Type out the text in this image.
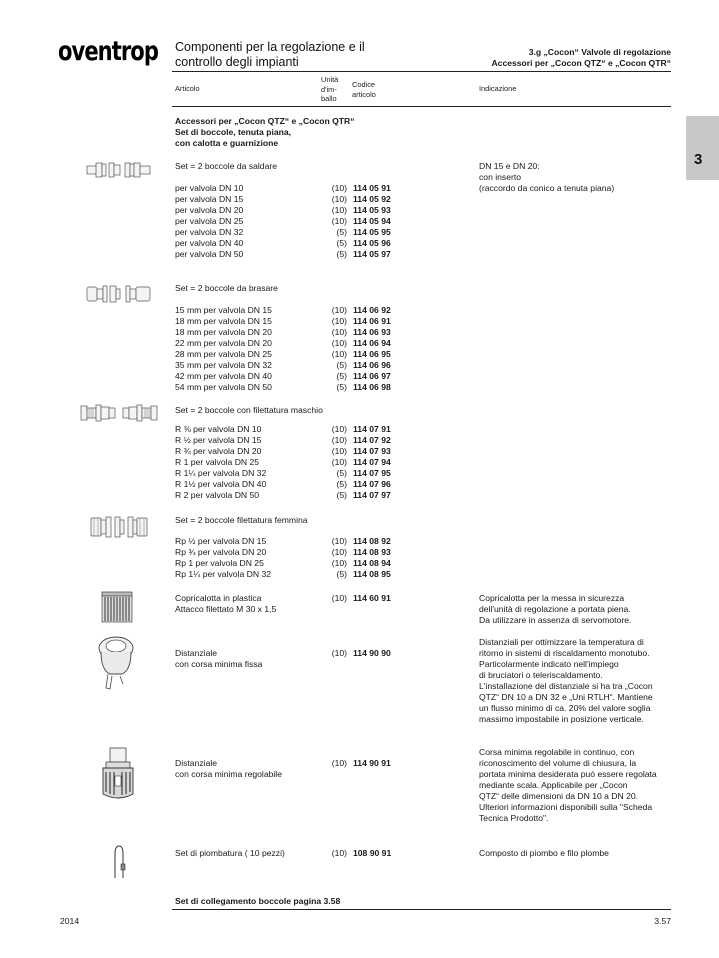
oventrop Componenti per la regolazione e il
controllo degli impianti
3.g „Cocon“ Valvole di regolazione
Accessori per „Cocon QTZ“ e „Cocon QTR“
Articolo
Unità
d'im-
ballo
Codice
articolo
Indicazione
3
Accessori per „Cocon QTZ“ e „Cocon QTR“
Set di boccole, tenuta piana,
con calotta e guarnizione
Set = 2 boccole da saldare
per valvola DN 10	(10) 114 05 91
per valvola DN 15	(10) 114 05 92
per valvola DN 20	(10) 114 05 93
per valvola DN 25	(10) 114 05 94
per valvola DN 32	(5) 114 05 95
per valvola DN 40	(5) 114 05 96
per valvola DN 50	(5) 114 05 97
DN 15 e DN 20:
con inserto
(raccordo da conico a tenuta piana)
Set = 2 boccole da brasare
15 mm per valvola DN 15	(10) 114 06 92
18 mm per valvola DN 15	(10) 114 06 91
18 mm per valvola DN 20	(10) 114 06 93
22 mm per valvola DN 20	(10) 114 06 94
28 mm per valvola DN 25	(10) 114 06 95
35 mm per valvola DN 32	(5) 114 06 96
42 mm per valvola DN 40	(5) 114 06 97
54 mm per valvola DN 50	(5) 114 06 98
Set = 2 boccole con filettatura maschio
R ⅜ per valvola DN 10	(10) 114 07 91
R ½ per valvola DN 15	(10) 114 07 92
R ¾ per valvola DN 20	(10) 114 07 93
R 1 per valvola DN 25	(10) 114 07 94
R 1¼ per valvola DN 32	(5) 114 07 95
R 1½ per valvola DN 40	(5) 114 07 96
R 2 per valvola DN 50	(5) 114 07 97
Set = 2 boccole filettatura femmina
Rp ½ per valvola DN 15	(10) 114 08 92
Rp ¾ per valvola DN 20	(10) 114 08 93
Rp 1 per valvola DN 25	(10) 114 08 94
Rp 1¼ per valvola DN 32	(5) 114 08 95
Copricalotta in plastica	(10) 114 60 91
Attacco filettato M 30 x 1,5
Copricalotta per la messa in sicurezza
dell'unità di regolazione a portata piena.
Da utilizzare in assenza di servomotore.
Distanziale	(10) 114 90 90
con corsa minima fissa
Distanziali per ottimizzare la temperatura di
ritorno in sistemi di riscaldamento monotubo.
Particolarmente indicato nell'impiego
di bruciatori o teleriscaldamento.
L'installazione del distanziale si ha tra „Cocon
QTZ“ DN 10 a DN 32 e „Uni RTLH“. Mantiene
un flusso minimo di ca. 20% del valore soglia
massimo impostabile in posizione verticale.
Distanziale	(10) 114 90 91
con corsa minima regolabile
Corsa minima regolabile in continuo, con
riconoscimento del volume di chiusura, la
portata minima desiderata può essere regolata
mediante scala. Applicabile per „Cocon
QTZ“ delle dimensioni da DN 10 a DN 20.
Ulteriori informazioni disponibili sulla "Scheda
Tecnica Prodotto".
Set di piombatura ( 10 pezzi)	(10) 108 90 91	Composto di piombo e filo plombe
Set di collegamento boccole pagina 3.58
2014	3.57
